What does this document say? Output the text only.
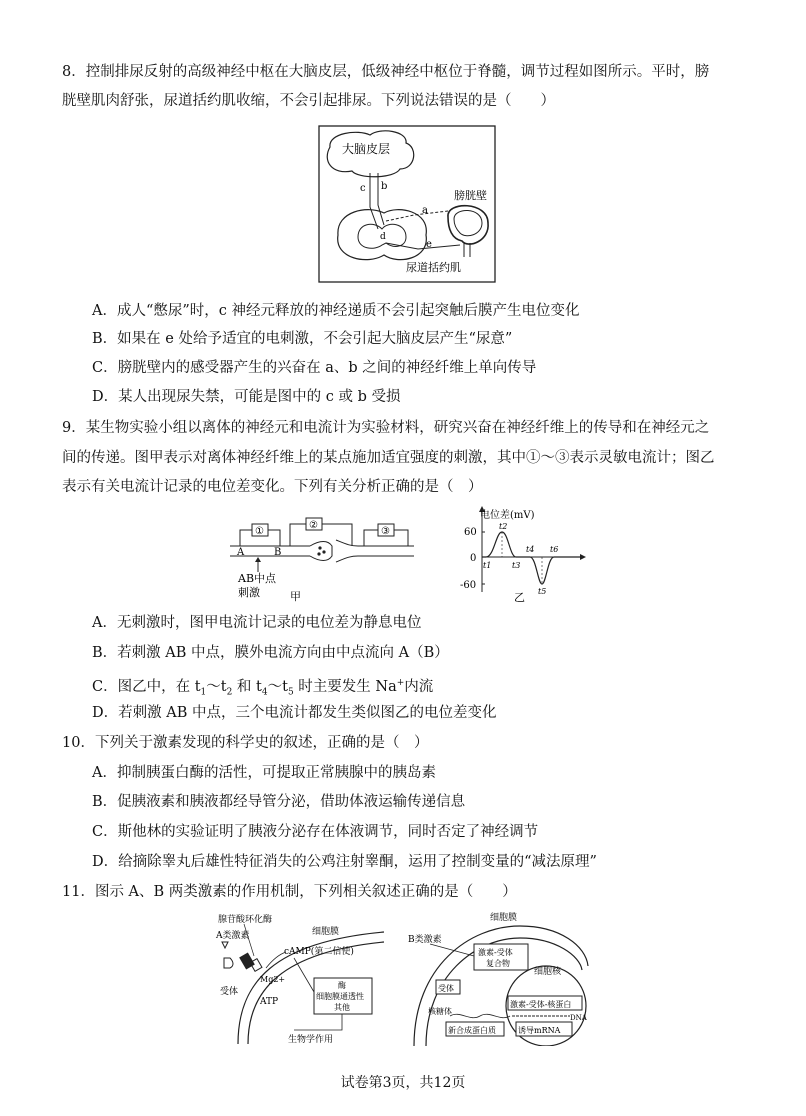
8．控制排尿反射的高级神经中枢在大脑皮层，低级神经中枢位于脊髓，调节过程如图所示。平时，膀
胱壁肌肉舒张，尿道括约肌收缩，不会引起排尿。下列说法错误的是（　　）
大脑皮层
c b
d
a
e
膀胱壁
尿道括约肌
A．成人“憋尿”时，c 神经元释放的神经递质不会引起突触后膜产生电位变化
B．如果在 e 处给予适宜的电刺激，不会引起大脑皮层产生“尿意”
C．膀胱壁内的感受器产生的兴奋在 a、b 之间的神经纤维上单向传导
D．某人出现尿失禁，可能是图中的 c 或 b 受损
9．某生物实验小组以离体的神经元和电流计为实验材料，研究兴奋在神经纤维上的传导和在神经元之
间的传递。图甲表示对离体神经纤维上的某点施加适宜强度的刺激，其中①～③表示灵敏电流计；图乙
表示有关电流计记录的电位差变化。下列有关分析正确的是（　）
①
②
③
A	B
AB中点
刺激	甲
电位差(mV)
60
0
-60
t1
t2
t3
t4
t5
t6
乙
A．无刺激时，图甲电流计记录的电位差为静息电位
B．若刺激 AB 中点，膜外电流方向由中点流向 A（B）
C．图乙中，在 $t_1\sim t_2$ 和 $t_4\sim t_5$ 时主要发生 Na+内流
D．若刺激 AB 中点，三个电流计都发生类似图乙的电位差变化
10．下列关于激素发现的科学史的叙述，正确的是（　）
A．抑制胰蛋白酶的活性，可提取正常胰腺中的胰岛素
B．促胰液素和胰液都经导管分泌，借助体液运输传递信息
C．斯他林的实验证明了胰液分泌存在体液调节，同时否定了神经调节
D．给摘除睾丸后雄性特征消失的公鸡注射睾酮，运用了控制变量的“减法原理”
11．图示 A、B 两类激素的作用机制，下列相关叙述正确的是（　　）
腺苷酸环化酶
细胞膜
A类激素
cAMP(第二信使)
Mg2+
受体
ATP
酶
细胞膜通透性
其他
生物学作用
细胞膜
B类激素
激素-受体
复合物
细胞核
受体
激素-受体-核蛋白
DNA
核糖体
新合成蛋白质	诱导mRNA
试卷第3页，共12页
